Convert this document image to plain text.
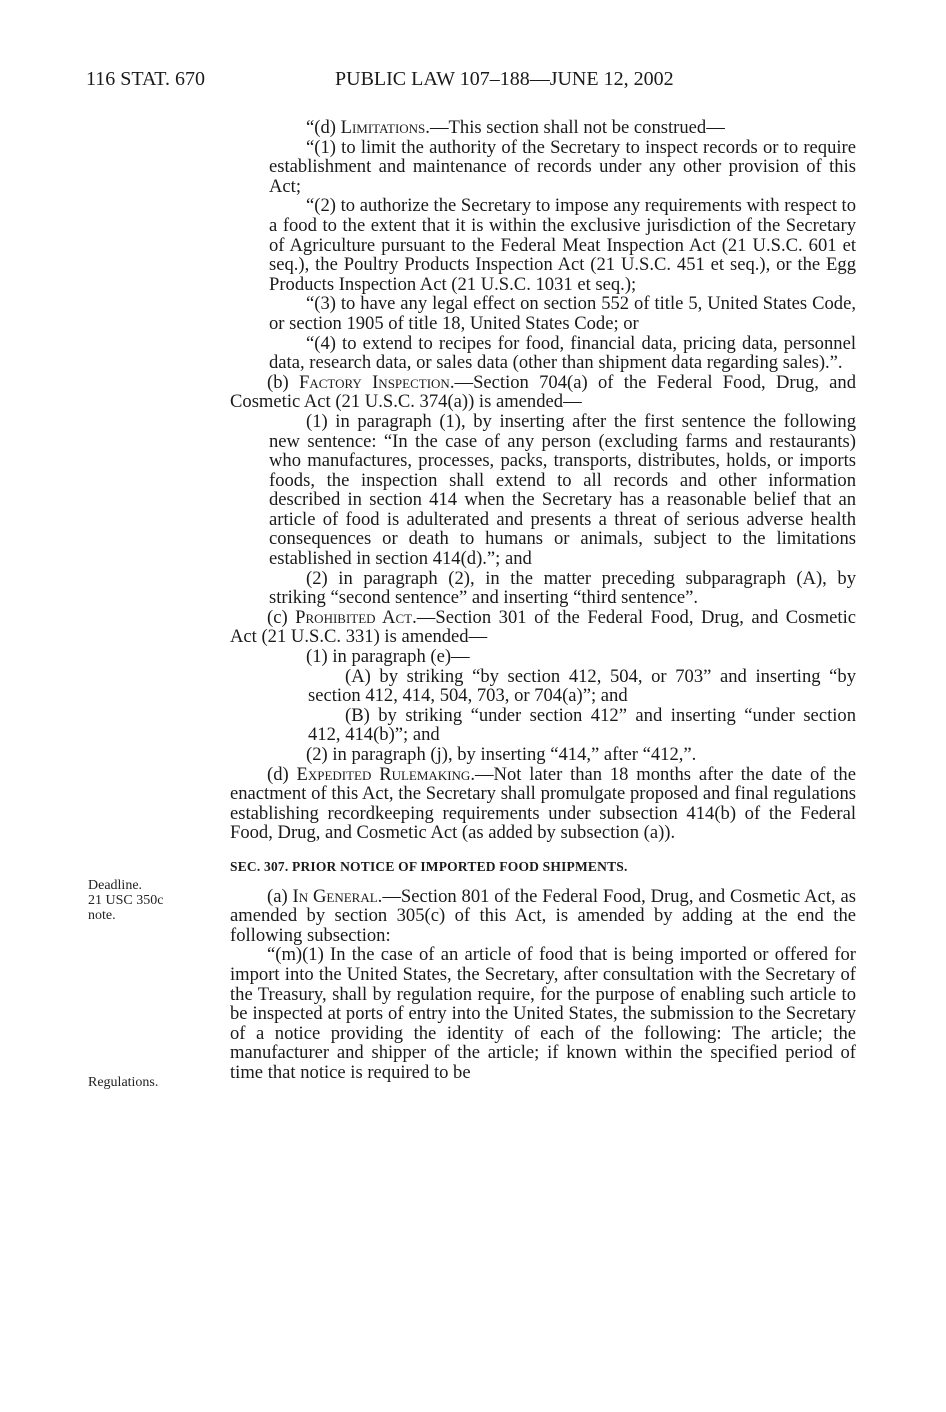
116 STAT. 670	PUBLIC LAW 107–188—JUNE 12, 2002
Deadline.
21 USC 350c
note.
Regulations.

“(d) Limitations.—This section shall not be construed—

“(1) to limit the authority of the Secretary to inspect records or to require establishment and maintenance of records under any other provision of this Act;

“(2) to authorize the Secretary to impose any requirements with respect to a food to the extent that it is within the exclusive jurisdiction of the Secretary of Agriculture pursuant to the Federal Meat Inspection Act (21 U.S.C. 601 et seq.), the Poultry Products Inspection Act (21 U.S.C. 451 et seq.), or the Egg Products Inspection Act (21 U.S.C. 1031 et seq.);

“(3) to have any legal effect on section 552 of title 5, United States Code, or section 1905 of title 18, United States Code; or

“(4) to extend to recipes for food, financial data, pricing data, personnel data, research data, or sales data (other than shipment data regarding sales).”.

(b) Factory Inspection.—Section 704(a) of the Federal Food, Drug, and Cosmetic Act (21 U.S.C. 374(a)) is amended—

(1) in paragraph (1), by inserting after the first sentence the following new sentence: “In the case of any person (excluding farms and restaurants) who manufactures, processes, packs, transports, distributes, holds, or imports foods, the inspection shall extend to all records and other information described in section 414 when the Secretary has a reasonable belief that an article of food is adulterated and presents a threat of serious adverse health consequences or death to humans or animals, subject to the limitations established in section 414(d).”; and

(2) in paragraph (2), in the matter preceding subparagraph (A), by striking “second sentence” and inserting “third sentence”.

(c) Prohibited Act.—Section 301 of the Federal Food, Drug, and Cosmetic Act (21 U.S.C. 331) is amended—

(1) in paragraph (e)—

(A) by striking “by section 412, 504, or 703” and inserting “by section 412, 414, 504, 703, or 704(a)”; and

(B) by striking “under section 412” and inserting “under section 412, 414(b)”; and

(2) in paragraph (j), by inserting “414,” after “412,”.

(d) Expedited Rulemaking.—Not later than 18 months after the date of the enactment of this Act, the Secretary shall promulgate proposed and final regulations establishing recordkeeping requirements under subsection 414(b) of the Federal Food, Drug, and Cosmetic Act (as added by subsection (a)).

SEC. 307. PRIOR NOTICE OF IMPORTED FOOD SHIPMENTS.

(a) In General.—Section 801 of the Federal Food, Drug, and Cosmetic Act, as amended by section 305(c) of this Act, is amended by adding at the end the following subsection:

“(m)(1) In the case of an article of food that is being imported or offered for import into the United States, the Secretary, after consultation with the Secretary of the Treasury, shall by regulation require, for the purpose of enabling such article to be inspected at ports of entry into the United States, the submission to the Secretary of a notice providing the identity of each of the following: The article; the manufacturer and shipper of the article; if known within the specified period of time that notice is required to be
